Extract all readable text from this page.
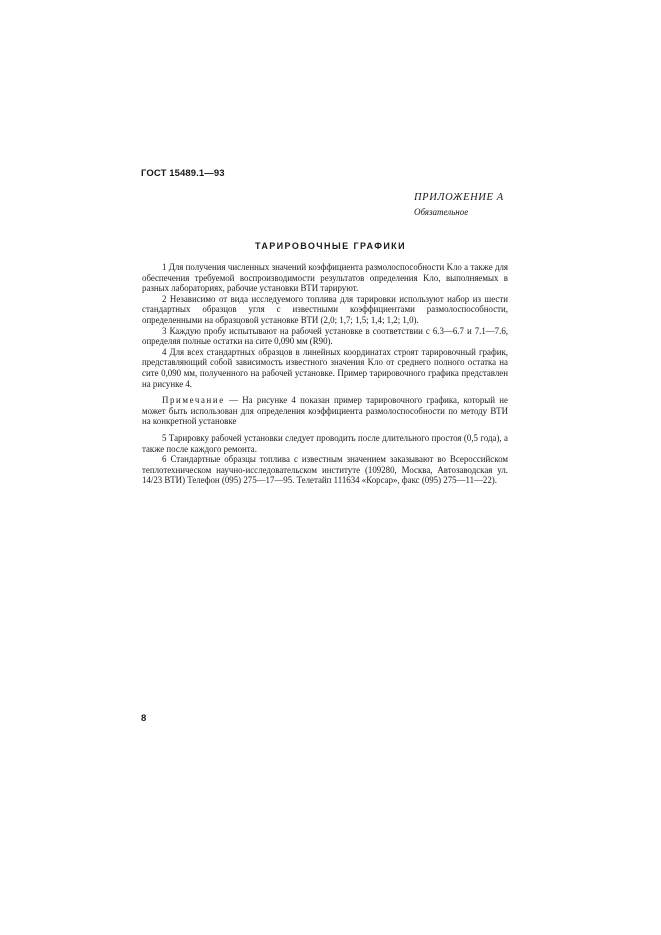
ГОСТ 15489.1—93
ПРИЛОЖЕНИЕ А
Обязательное
ТАРИРОВОЧНЫЕ ГРАФИКИ

1 Для получения численных значений коэффициента размолоспособности Kло а также для обеспечения требуемой воспроизводимости результатов определения Kло, выполняемых в разных лабораториях, рабочие установки ВТИ тарируют.

2 Независимо от вида исследуемого топлива для тарировки используют набор из шести стандартных образцов угля с известными коэффициентами размолоспособности, определенными на образцовой установке ВТИ (2,0; 1,7; 1,5; 1,4; 1,2; 1,0).

3 Каждую пробу испытывают на рабочей установке в соответствии с 6.3—6.7 и 7.1—7.6, определяя полные остатки на сите 0,090 мм (R90).

4 Для всех стандартных образцов в линейных координатах строят тарировочный график, представляющий собой зависимость известного значения Kло от среднего полного остатка на сите 0,090 мм, полученного на рабочей установке. Пример тарировочного графика представлен на рисунке 4.

Примечание — На рисунке 4 показан пример тарировочного графика, который не может быть использован для определения коэффициента размолоспособности по методу ВТИ на конкретной установке

5 Тарировку рабочей установки следует проводить после длительного простоя (0,5 года), а также после каждого ремонта.

6 Стандартные образцы топлива с известным значением заказывают во Всероссийском теплотехническом научно-исследовательском институте (109280, Москва, Автозаводская ул. 14/23 ВТИ) Телефон (095) 275—17—95. Телетайп 111634 «Корсар», факс (095) 275—11—22).

8
